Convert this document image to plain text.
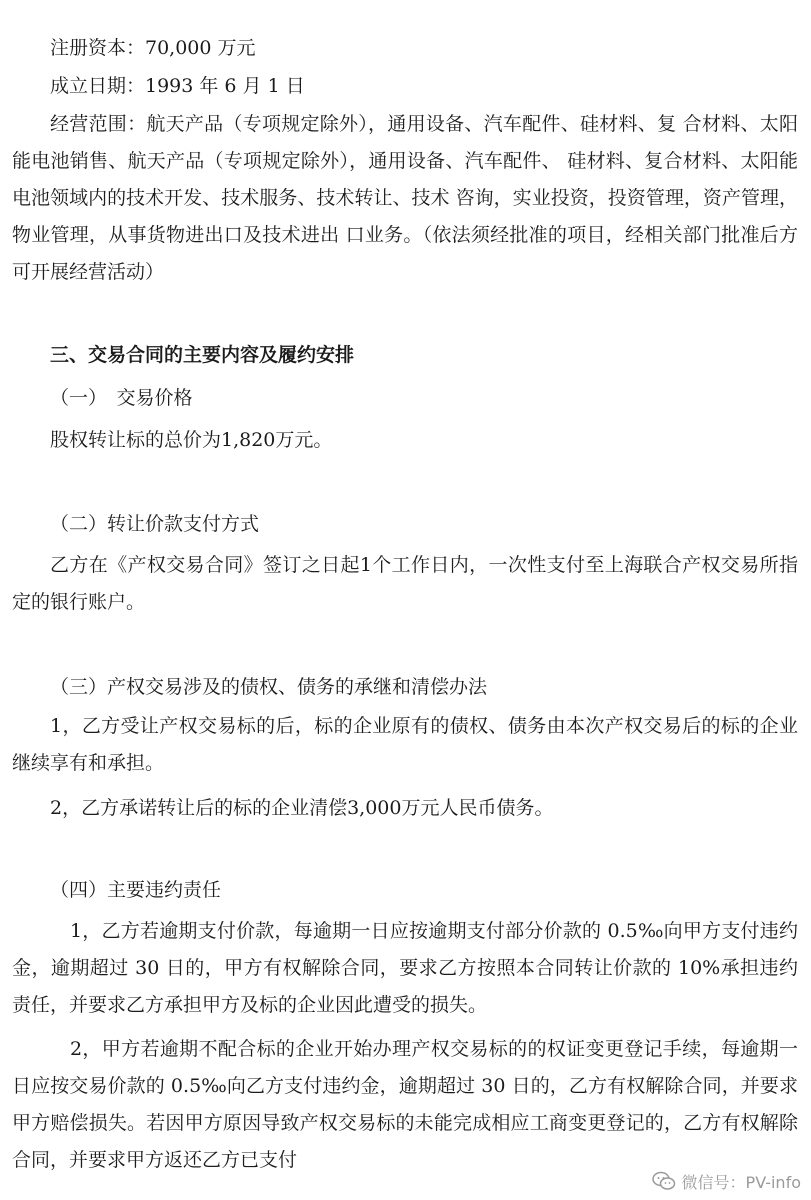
注册资本：70,000 万元

成立日期：1993 年 6 月 1 日

经营范围：航天产品（专项规定除外），通用设备、汽车配件、硅材料、复 合材料、太阳能电池销售、航天产品（专项规定除外），通用设备、汽车配件、 硅材料、复合材料、太阳能电池领域内的技术开发、技术服务、技术转让、技术 咨询，实业投资，投资管理，资产管理，物业管理，从事货物进出口及技术进出 口业务。（依法须经批准的项目，经相关部门批准后方可开展经营活动）

三、交易合同的主要内容及履约安排

（一）　交易价格

股权转让标的总价为1,820万元。

（二）转让价款支付方式

乙方在《产权交易合同》签订之日起1个工作日内，一次性支付至上海联合产权交易所指定的银行账户。

（三）产权交易涉及的债权、债务的承继和清偿办法

1，乙方受让产权交易标的后，标的企业原有的债权、债务由本次产权交易后的标的企业继续享有和承担。

2，乙方承诺转让后的标的企业清偿3,000万元人民币债务。

（四）主要违约责任

1，乙方若逾期支付价款，每逾期一日应按逾期支付部分价款的 0.5‰向甲方支付违约金，逾期超过 30 日的，甲方有权解除合同，要求乙方按照本合同转让价款的 10%承担违约责任，并要求乙方承担甲方及标的企业因此遭受的损失。

2，甲方若逾期不配合标的企业开始办理产权交易标的的权证变更登记手续，每逾期一日应按交易价款的 0.5‰向乙方支付违约金，逾期超过 30 日的，乙方有权解除合同，并要求甲方赔偿损失。若因甲方原因导致产权交易标的未能完成相应工商变更登记的，乙方有权解除合同，并要求甲方返还乙方已支付

微信号：PV-info
